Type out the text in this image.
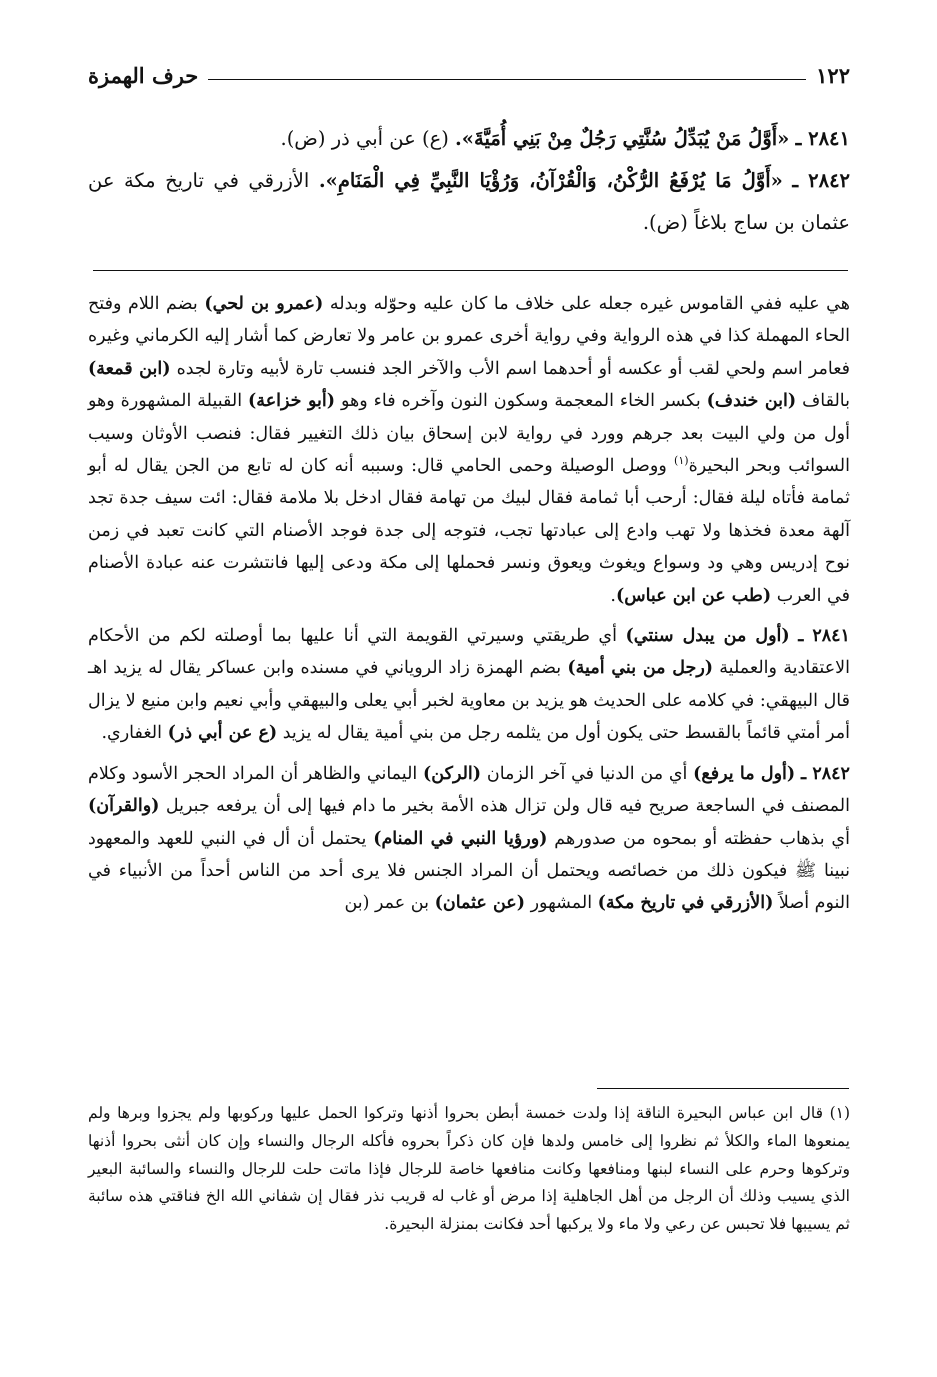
١٢٢
حرف الهمزة

٢٨٤١ ـ «أَوَّلُ مَنْ يُبَدِّلُ سُنَّتِي رَجُلٌ مِنْ بَنِي أُمَيَّةَ». (ع) عن أبي ذر (ض).

٢٨٤٢ ـ «أَوَّلُ مَا يُرْفَعُ الرُّكْنُ، وَالْقُرْآنُ، وَرُؤْيَا النَّبِيِّ فِي الْمَنَامِ». الأزرقي في تاريخ مكة عن عثمان بن ساج بلاغاً (ض).

هي عليه ففي القاموس غيره جعله على خلاف ما كان عليه وحوّله وبدله (عمرو بن لحي) بضم اللام وفتح الحاء المهملة كذا في هذه الرواية وفي رواية أخرى عمرو بن عامر ولا تعارض كما أشار إليه الكرماني وغيره فعامر اسم ولحي لقب أو عكسه أو أحدهما اسم الأب والآخر الجد فنسب تارة لأبيه وتارة لجده (ابن قمعة) بالقاف (ابن خندف) بكسر الخاء المعجمة وسكون النون وآخره فاء وهو (أبو خزاعة) القبيلة المشهورة وهو أول من ولي البيت بعد جرهم وورد في رواية لابن إسحاق بيان ذلك التغيير فقال: فنصب الأوثان وسيب السوائب وبحر البحيرة$^{(١)}$ ووصل الوصيلة وحمى الحامي قال: وسببه أنه كان له تابع من الجن يقال له أبو ثمامة فأتاه ليلة فقال: أرحب أبا ثمامة فقال لبيك من تهامة فقال ادخل بلا ملامة فقال: ائت سيف جدة تجد آلهة معدة فخذها ولا تهب وادع إلى عبادتها تجب، فتوجه إلى جدة فوجد الأصنام التي كانت تعبد في زمن نوح إدريس وهي ود وسواع ويغوث ويعوق ونسر فحملها إلى مكة ودعى إليها فانتشرت عنه عبادة الأصنام في العرب (طب عن ابن عباس).

٢٨٤١ ـ (أول من يبدل سنتي) أي طريقتي وسيرتي القويمة التي أنا عليها بما أوصلته لكم من الأحكام الاعتقادية والعملية (رجل من بني أمية) بضم الهمزة زاد الروياني في مسنده وابن عساكر يقال له يزيد اهـ قال البيهقي: في كلامه على الحديث هو يزيد بن معاوية لخبر أبي يعلى والبيهقي وأبي نعيم وابن منيع لا يزال أمر أمتي قائماً بالقسط حتى يكون أول من يثلمه رجل من بني أمية يقال له يزيد (ع عن أبي ذر) الغفاري.

٢٨٤٢ ـ (أول ما يرفع) أي من الدنيا في آخر الزمان (الركن) اليماني والظاهر أن المراد الحجر الأسود وكلام المصنف في الساجعة صريح فيه قال ولن تزال هذه الأمة بخير ما دام فيها إلى أن يرفعه جبريل (والقرآن) أي بذهاب حفظته أو بمحوه من صدورهم (ورؤيا النبي في المنام) يحتمل أن أل في النبي للعهد والمعهود نبينا ﷺ فيكون ذلك من خصائصه ويحتمل أن المراد الجنس فلا يرى أحد من الناس أحداً من الأنبياء في النوم أصلاً (الأزرقي في تاريخ مكة) المشهور (عن عثمان) بن عمر (بن

(١) قال ابن عباس البحيرة الناقة إذا ولدت خمسة أبطن بحروا أذنها وتركوا الحمل عليها وركوبها ولم يجزوا وبرها ولم يمنعوها الماء والكلأ ثم نظروا إلى خامس ولدها فإن كان ذكراً بحروه فأكله الرجال والنساء وإن كان أنثى بحروا أذنها وتركوها وحرم على النساء لبنها ومنافعها وكانت منافعها خاصة للرجال فإذا ماتت حلت للرجال والنساء والسائبة البعير الذي يسيب وذلك أن الرجل من أهل الجاهلية إذا مرض أو غاب له قريب نذر فقال إن شفاني الله الخ فناقتي هذه سائبة ثم يسيبها فلا تحبس عن رعي ولا ماء ولا يركبها أحد فكانت بمنزلة البحيرة.
